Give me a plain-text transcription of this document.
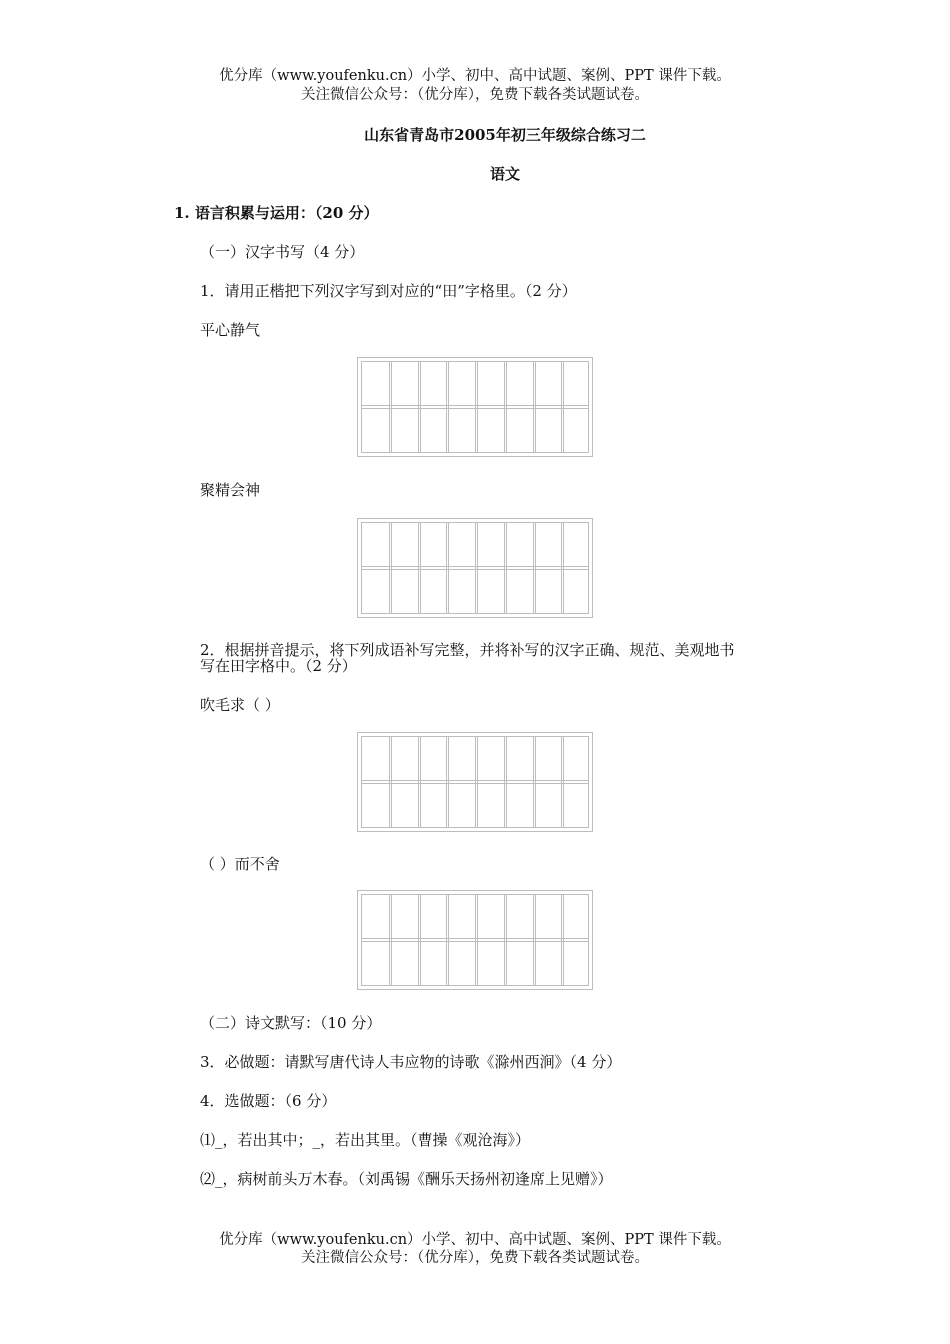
优分库（www.youfenku.cn）小学、初中、高中试题、案例、PPT 课件下载。
关注微信公众号：（优分库），免费下载各类试题试卷。
山东省青岛市2005年初三年级综合练习二
语文
1. 语言积累与运用：（20 分）
（一）汉字书写（4 分）
1．请用正楷把下列汉字写到对应的“田”字格里。（2 分）
平心静气
聚精会神
2．根据拼音提示，将下列成语补写完整，并将补写的汉字正确、规范、美观地书
写在田字格中。（2 分）
吹毛求（ ）
（ ）而不舍
（二）诗文默写：（10 分）
3．必做题：请默写唐代诗人韦应物的诗歌《滁州西涧》（4 分）
4．选做题：（6 分）
⑴_，若出其中；_，若出其里。（曹操《观沧海》）
⑵_，病树前头万木春。（刘禹锡《酬乐天扬州初逢席上见赠》）
优分库（www.youfenku.cn）小学、初中、高中试题、案例、PPT 课件下载。
关注微信公众号：（优分库），免费下载各类试题试卷。
